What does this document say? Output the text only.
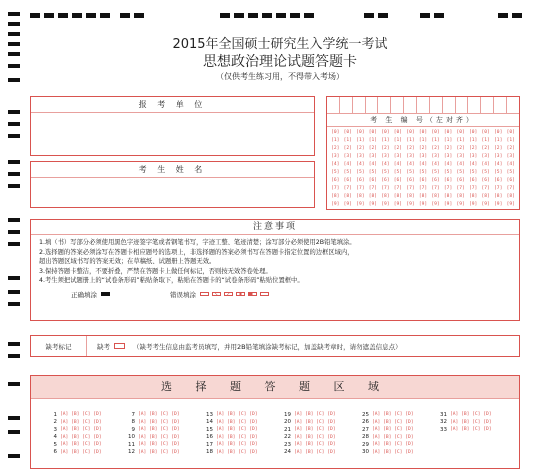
2015年全国硕士研究生入学统一考试
思想政治理论试题答题卡
（仅供考生练习用，不得带入考场）
报 考 单 位
考 生 姓 名
考 生 编 号（左对齐）
[0] [0] [0] [0] [0] [0] [0] [0] [0] [0] [0] [0] [0] [0] [0]
[1] [1] [1] [1] [1] [1] [1] [1] [1] [1] [1] [1] [1] [1] [1]
[2] [2] [2] [2] [2] [2] [2] [2] [2] [2] [2] [2] [2] [2] [2]
[3] [3] [3] [3] [3] [3] [3] [3] [3] [3] [3] [3] [3] [3] [3]
[4] [4] [4] [4] [4] [4] [4] [4] [4] [4] [4] [4] [4] [4] [4]
[5] [5] [5] [5] [5] [5] [5] [5] [5] [5] [5] [5] [5] [5] [5]
[6] [6] [6] [6] [6] [6] [6] [6] [6] [6] [6] [6] [6] [6] [6]
[7] [7] [7] [7] [7] [7] [7] [7] [7] [7] [7] [7] [7] [7] [7]
[8] [8] [8] [8] [8] [8] [8] [8] [8] [8] [8] [8] [8] [8] [8]
[9] [9] [9] [9] [9] [9] [9] [9] [9] [9] [9] [9] [9] [9] [9]
注意事项
1.填（书）写部分必须使用黑色字迹签字笔或者钢笔书写，字迹工整、笔迹清楚；涂写部分必须使用2B铅笔填涂。
2.选择题的答案必须涂写在答题卡相应题号的选项上，非选择题的答案必须书写在答题卡指定位置的边框区域内，
超出答题区域书写的答案无效；在草稿纸、试题册上答题无效。
3.保持答题卡整洁，不要折叠，严禁在答题卡上做任何标记，否则按无效答卷处理。
4.考生须把试题册上的“试卷条形码”粘贴条取下，粘贴在答题卡的“试卷条形码”粘贴位置框中。
正确填涂	错误填涂
缺考标记	缺考	（缺考考生信息由监考员填写，并用2B铅笔填涂缺考标记，加盖缺考章时，请勿遮盖信息点）
选 择 题 答 题 区 域
1 [A] [B] [C] [D]
2 [A] [B] [C] [D]
3 [A] [B] [C] [D]
4 [A] [B] [C] [D]
5 [A] [B] [C] [D]
6 [A] [B] [C] [D]
7 [A] [B] [C] [D]
8 [A] [B] [C] [D]
9 [A] [B] [C] [D]
10 [A] [B] [C] [D]
11 [A] [B] [C] [D]
12 [A] [B] [C] [D]
13 [A] [B] [C] [D]
14 [A] [B] [C] [D]
15 [A] [B] [C] [D]
16 [A] [B] [C] [D]
17 [A] [B] [C] [D]
18 [A] [B] [C] [D]
19 [A] [B] [C] [D]
20 [A] [B] [C] [D]
21 [A] [B] [C] [D]
22 [A] [B] [C] [D]
23 [A] [B] [C] [D]
24 [A] [B] [C] [D]
25 [A] [B] [C] [D]
26 [A] [B] [C] [D]
27 [A] [B] [C] [D]
28 [A] [B] [C] [D]
29 [A] [B] [C] [D]
30 [A] [B] [C] [D]
31 [A] [B] [C] [D]
32 [A] [B] [C] [D]
33 [A] [B] [C] [D]
